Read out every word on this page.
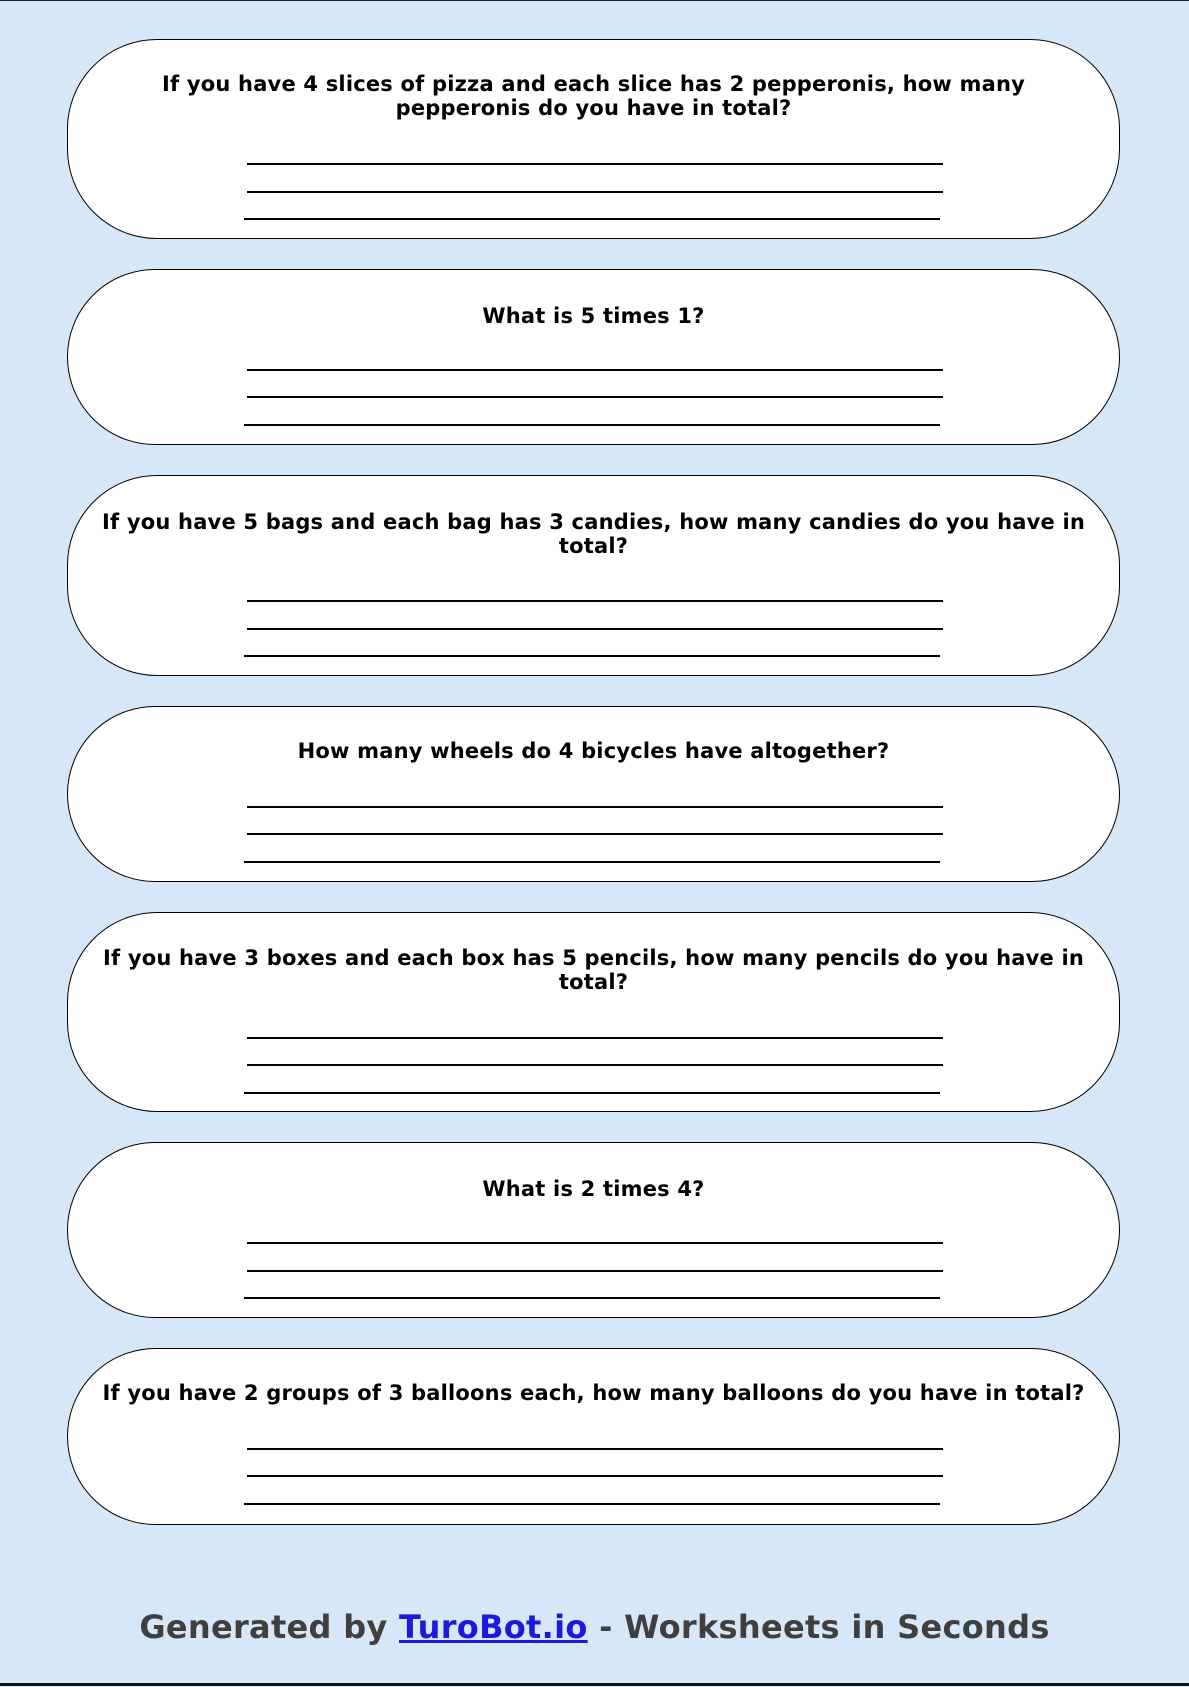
If you have 4 slices of pizza and each slice has 2 pepperonis, how many pepperonis do you have in total?
What is 5 times 1?
If you have 5 bags and each bag has 3 candies, how many candies do you have in total?
How many wheels do 4 bicycles have altogether?
If you have 3 boxes and each box has 5 pencils, how many pencils do you have in total?
What is 2 times 4?
If you have 2 groups of 3 balloons each, how many balloons do you have in total?
Generated by TuroBot.io - Worksheets in Seconds
